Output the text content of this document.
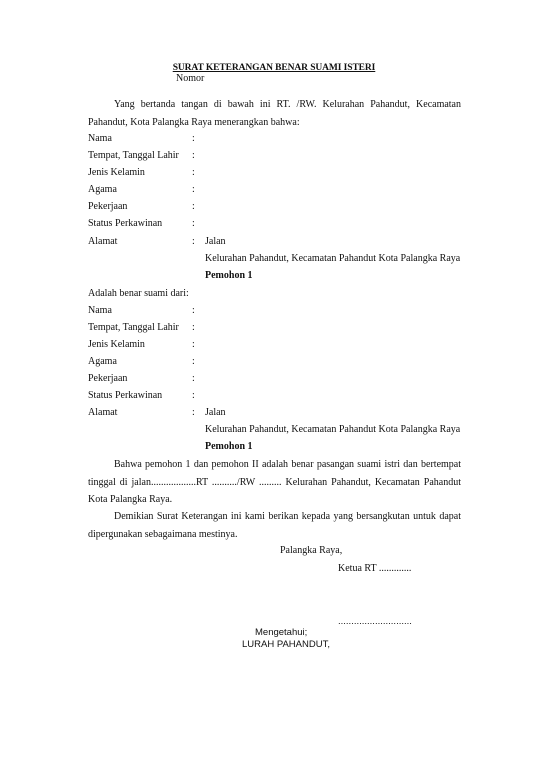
SURAT KETERANGAN BENAR SUAMI ISTERI
Nomor
Yang bertanda tangan di bawah ini RT. /RW. Kelurahan Pahandut, Kecamatan Pahandut, Kota Palangka Raya menerangkan bahwa:
Nama	:
Tempat, Tanggal Lahir :
Jenis Kelamin	:
Agama	:
Pekerjaan	:
Status Perkawinan	:
Alamat	: Jalan
Kelurahan Pahandut, Kecamatan Pahandut Kota Palangka Raya
Pemohon 1
Adalah benar suami dari:
Nama	:
Tempat, Tanggal Lahir :
Jenis Kelamin	:
Agama	:
Pekerjaan	:
Status Perkawinan	:
Alamat	: Jalan
Kelurahan Pahandut, Kecamatan Pahandut Kota Palangka Raya
Pemohon 1
Bahwa pemohon 1 dan pemohon II adalah benar pasangan suami istri dan bertempat tinggal di jalan..................RT ........../RW ......... Kelurahan Pahandut, Kecamatan Pahandut Kota Palangka Raya.
Demikian Surat Keterangan ini kami berikan kepada yang bersangkutan untuk dapat dipergunakan sebagaimana mestinya.
Palangka Raya,
Ketua RT .............
............................
Mengetahui;
LURAH PAHANDUT,
